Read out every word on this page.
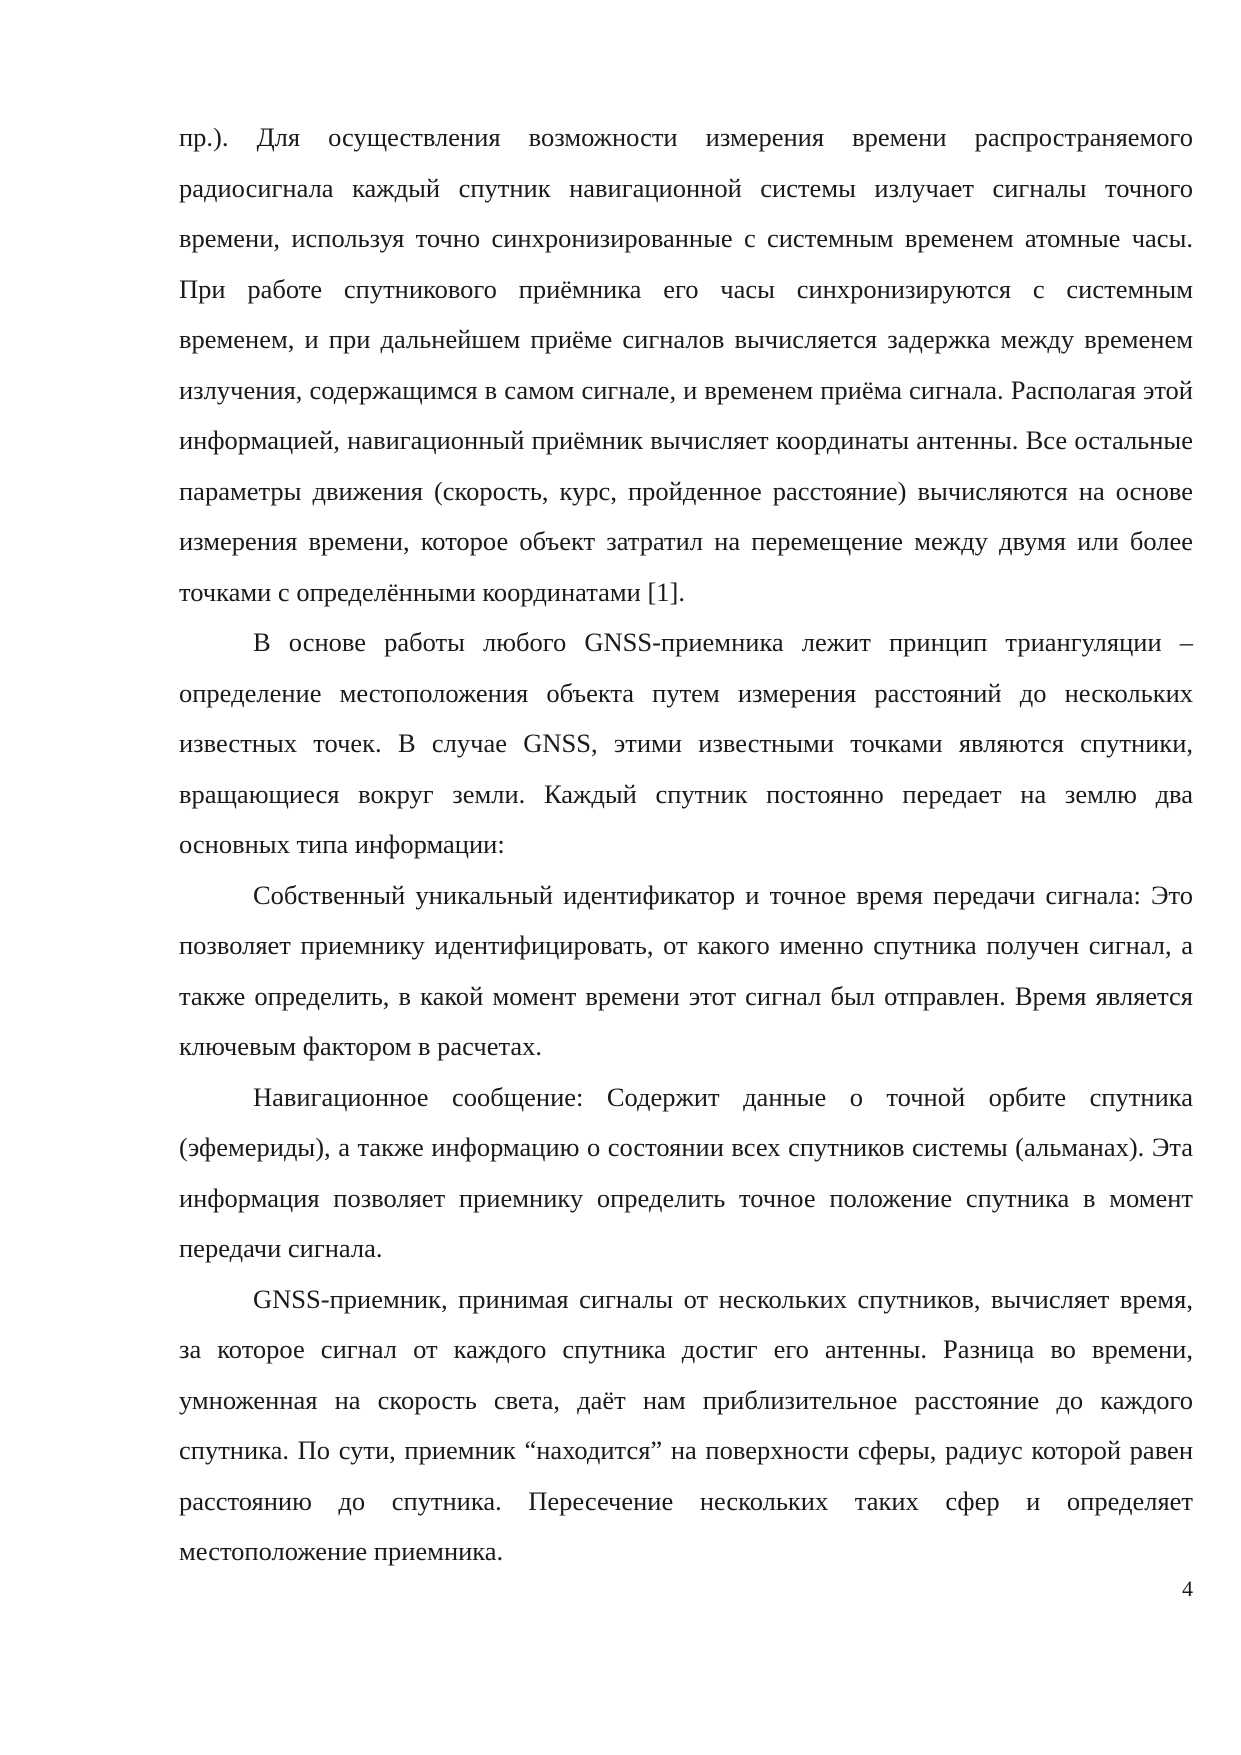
пр.). Для осуществления возможности измерения времени распространяемого радиосигнала каждый спутник навигационной системы излучает сигналы точного времени, используя точно синхронизированные с системным временем атомные часы. При работе спутникового приёмника его часы синхронизируются с системным временем, и при дальнейшем приёме сигналов вычисляется задержка между временем излучения, содержащимся в самом сигнале, и временем приёма сигнала. Располагая этой информацией, навигационный приёмник вычисляет координаты антенны. Все остальные параметры движения (скорость, курс, пройденное расстояние) вычисляются на основе измерения времени, которое объект затратил на перемещение между двумя или более точками с определёнными координатами [1].

В основе работы любого GNSS-приемника лежит принцип триангуляции – определение местоположения объекта путем измерения расстояний до нескольких известных точек. В случае GNSS, этими известными точками являются спутники, вращающиеся вокруг земли. Каждый спутник постоянно передает на землю два основных типа информации:

Собственный уникальный идентификатор и точное время передачи сигнала: Это позволяет приемнику идентифицировать, от какого именно спутника получен сигнал, а также определить, в какой момент времени этот сигнал был отправлен. Время является ключевым фактором в расчетах.

Навигационное сообщение: Содержит данные о точной орбите спутника (эфемериды), а также информацию о состоянии всех спутников системы (альманах). Эта информация позволяет приемнику определить точное положение спутника в момент передачи сигнала.

GNSS-приемник, принимая сигналы от нескольких спутников, вычисляет время, за которое сигнал от каждого спутника достиг его антенны. Разница во времени, умноженная на скорость света, даёт нам приблизительное расстояние до каждого спутника. По сути, приемник “находится” на поверхности сферы, радиус которой равен расстоянию до спутника. Пересечение нескольких таких сфер и определяет местоположение приемника.

4
